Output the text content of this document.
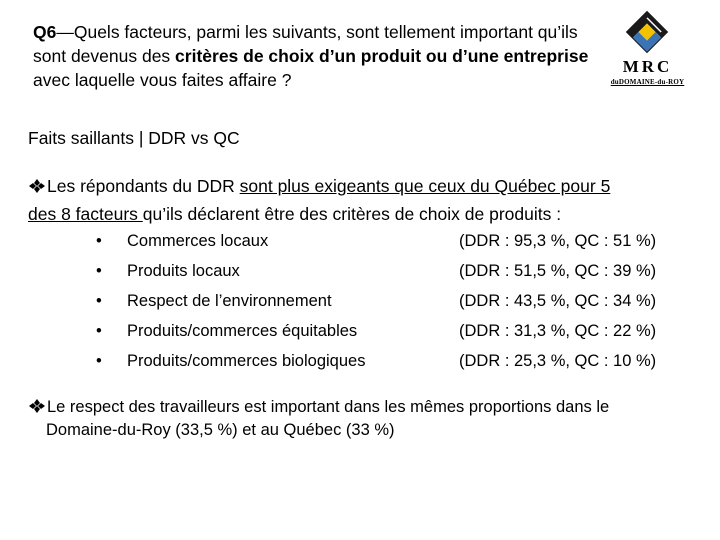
Q6—Quels facteurs, parmi les suivants, sont tellement important qu’ils sont devenus des critères de choix d’un produit ou d’une entreprise avec laquelle vous faites affaire ?
MRC
duDOMAINE-du-ROY
Faits saillants | DDR vs QC
Les répondants du DDR sont plus exigeants que ceux du Québec pour 5
des 8 facteurs qu’ils déclarent être des critères de choix de produits :
• Commerces locaux	(DDR : 95,3 %, QC : 51 %)
• Produits locaux	(DDR : 51,5 %, QC : 39 %)
• Respect de l’environnement	(DDR : 43,5 %, QC : 34 %)
• Produits/commerces équitables	(DDR : 31,3 %, QC : 22 %)
• Produits/commerces biologiques	(DDR : 25,3 %, QC : 10 %)
Le respect des travailleurs est important dans les mêmes proportions dans le
Domaine-du-Roy (33,5 %) et au Québec (33 %)
